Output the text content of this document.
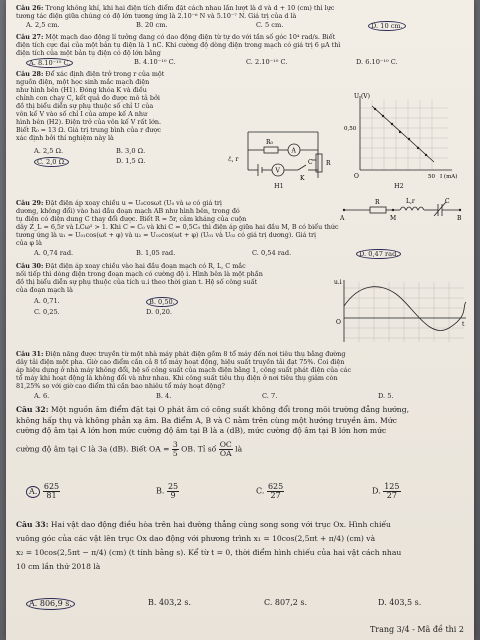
Câu 26: Trong không khí, khi hai điện tích điểm đặt cách nhau lần lượt là d và d + 10 (cm) thì lực
tương tác điện giữa chúng có độ lớn tương ứng là 2.10⁻⁶ N và 5.10⁻⁷ N. Giá trị của d là
A. 2,5 cm.	B. 20 cm.	C. 5 cm.	D. 10 cm.
Câu 27: Một mạch dao động lí tưởng đang có dao động điện từ tự do với tần số góc 10⁴ rad/s. Biết
điện tích cực đại của một bản tụ điện là 1 nC. Khi cường độ dòng điện trong mạch có giá trị 6 μA thì
điện tích của một bản tụ điện có độ lớn bằng
A. 8.10⁻¹⁰ C.	B. 4.10⁻¹⁰ C.	C. 2.10⁻¹⁰ C.	D. 6.10⁻¹⁰ C.
Câu 28: Để xác định điện trở trong r của một
nguồn điện, một học sinh mắc mạch điện
như hình bên (H1). Đóng khóa K và điều
chỉnh con chạy C, kết quả đo được mô tả bởi
đồ thị biểu diễn sự phụ thuộc số chỉ U của
vôn kế V vào số chỉ I của ampe kế A như
hình bên (H2). Điện trở của vôn kế V rất lớn.
Biết R₀ = 13 Ω. Giá trị trung bình của r được
xác định bởi thí nghiệm này là
A. 2,5 Ω.	B. 3,0 Ω.
C. 2,0 Ω.	D. 1,5 Ω.
R₀
A
V
K
C R
ℰ, r
H1
U (V)
0,50
O	50 I (mA)
H2
Câu 29: Đặt điện áp xoay chiều u = U₀cosωt (U₀ và ω có giá trị
dương, không đổi) vào hai đầu đoạn mạch AB như hình bên, trong đó
tụ điện có điện dung C thay đổi được. Biết R = 5r, cảm kháng của cuộn
dây Z_L = 6,5r và LCω² > 1. Khi C = C₀ và khi C = 0,5C₀ thì điện áp giữa hai đầu M, B có biểu thức
tương ứng là u₁ = U₀₁cos(ωt + φ) và u₂ = U₀₂cos(ωt + φ) (U₀₁ và U₀₂ có giá trị dương). Giá trị
của φ là
A	M	B
R	L,r	C
A. 0,74 rad.	B. 1,05 rad.	C. 0,54 rad.	D. 0,47 rad.
Câu 30: Đặt điện áp xoay chiều vào hai đầu đoạn mạch có R, L, C mắc
nối tiếp thì dòng điện trong đoạn mạch có cường độ i. Hình bên là một phần
đồ thị biểu diễn sự phụ thuộc của tích u.i theo thời gian t. Hệ số công suất
của đoạn mạch là
A. 0,71.	B. 0,50.
C. 0,25.	D. 0,20.
u.i
O	t
Câu 31: Điện năng được truyền từ một nhà máy phát điện gồm 8 tổ máy đến nơi tiêu thụ bằng đường
dây tải điện một pha. Giờ cao điểm cần cả 8 tổ máy hoạt động, hiệu suất truyền tải đạt 75%. Coi điện
áp hiệu dụng ở nhà máy không đổi, hệ số công suất của mạch điện bằng 1, công suất phát điện của các
tổ máy khi hoạt động là không đổi và như nhau. Khi công suất tiêu thụ điện ở nơi tiêu thụ giảm còn
81,25% so với giờ cao điểm thì cần bao nhiêu tổ máy hoạt động?
A. 6.	B. 4.	C. 7.	D. 5.
Câu 32: Một nguồn âm điểm đặt tại O phát âm có công suất không đổi trong môi trường đẳng hướng,
không hấp thụ và không phản xạ âm. Ba điểm A, B và C nằm trên cùng một hướng truyền âm. Mức
cường độ âm tại A lớn hơn mức cường độ âm tại B là a (dB), mức cường độ âm tại B lớn hơn mức
cường độ âm tại C là 3a (dB). Biết OA = $\frac{3}{5}$ OB. Tỉ số $\frac{OC}{OA}$ là
A. $\frac{625}{81}$	B. $\frac{25}{9}$	C. $\frac{625}{27}$	D. $\frac{125}{27}$
Câu 33: Hai vật dao động điều hòa trên hai đường thẳng cùng song song với trục Ox. Hình chiếu
vuông góc của các vật lên trục Ox dao động với phương trình x₁ = 10cos(2,5πt + π/4) (cm) và
x₂ = 10cos(2,5πt − π/4) (cm) (t tính bằng s). Kể từ t = 0, thời điểm hình chiếu của hai vật cách nhau
10 cm lần thứ 2018 là
A. 806,9 s.	B. 403,2 s.	C. 807,2 s.	D. 403,5 s.
Trang 3/4 - Mã đề thi 2
